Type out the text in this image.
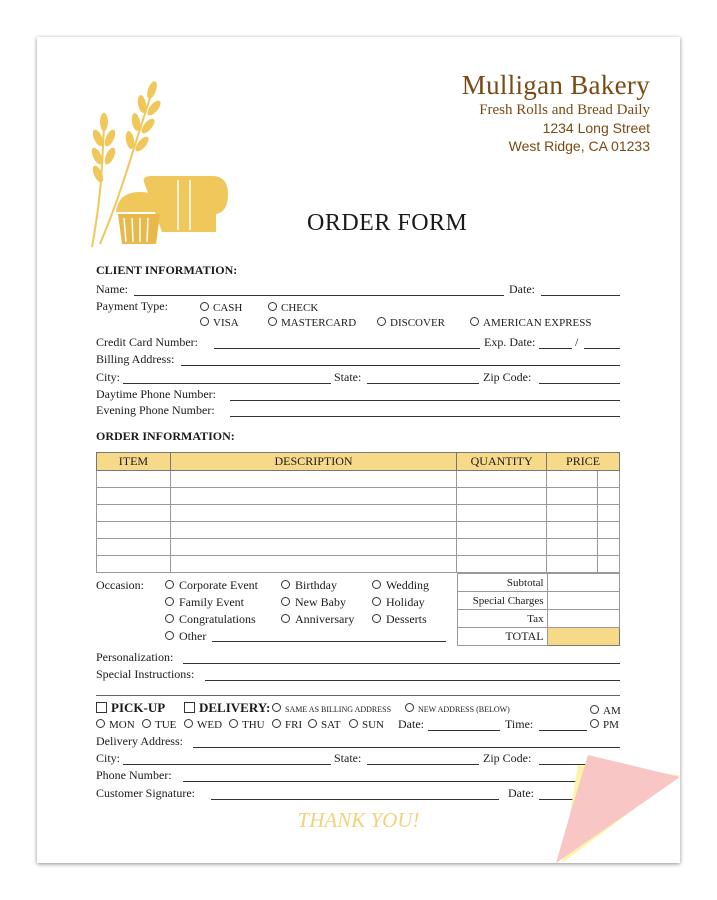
Mulligan Bakery
Fresh Rolls and Bread Daily
1234 Long Street
West Ridge, CA 01233
ORDER FORM
CLIENT INFORMATION:
Name:	Date:
Payment Type:	CASH	CHECK
VISA	MASTERCARD	DISCOVER	AMERICAN EXPRESS
Credit Card Number:	Exp. Date:	/
Billing Address:
City:	State:	Zip Code:
Daytime Phone Number:
Evening Phone Number:
ORDER INFORMATION:
ITEM	DESCRIPTION	QUANTITY	PRICE

Subtotal	
Special Charges	
Tax	
TOTAL	
Occasion:	Corporate Event	Birthday	Wedding
Family Event	New Baby	Holiday
Congratulations	Anniversary	Desserts
Other
Personalization:
Special Instructions:
PICK-UP	DELIVERY:	SAME AS BILLING ADDRESS	NEW ADDRESS (BELOW)	AM
MON	TUE	WED	THU	FRI	SAT	SUN Date:	Time:	PM
Delivery Address:
City:	State:	Zip Code:
Phone Number:
Customer Signature:	Date:
THANK YOU!
